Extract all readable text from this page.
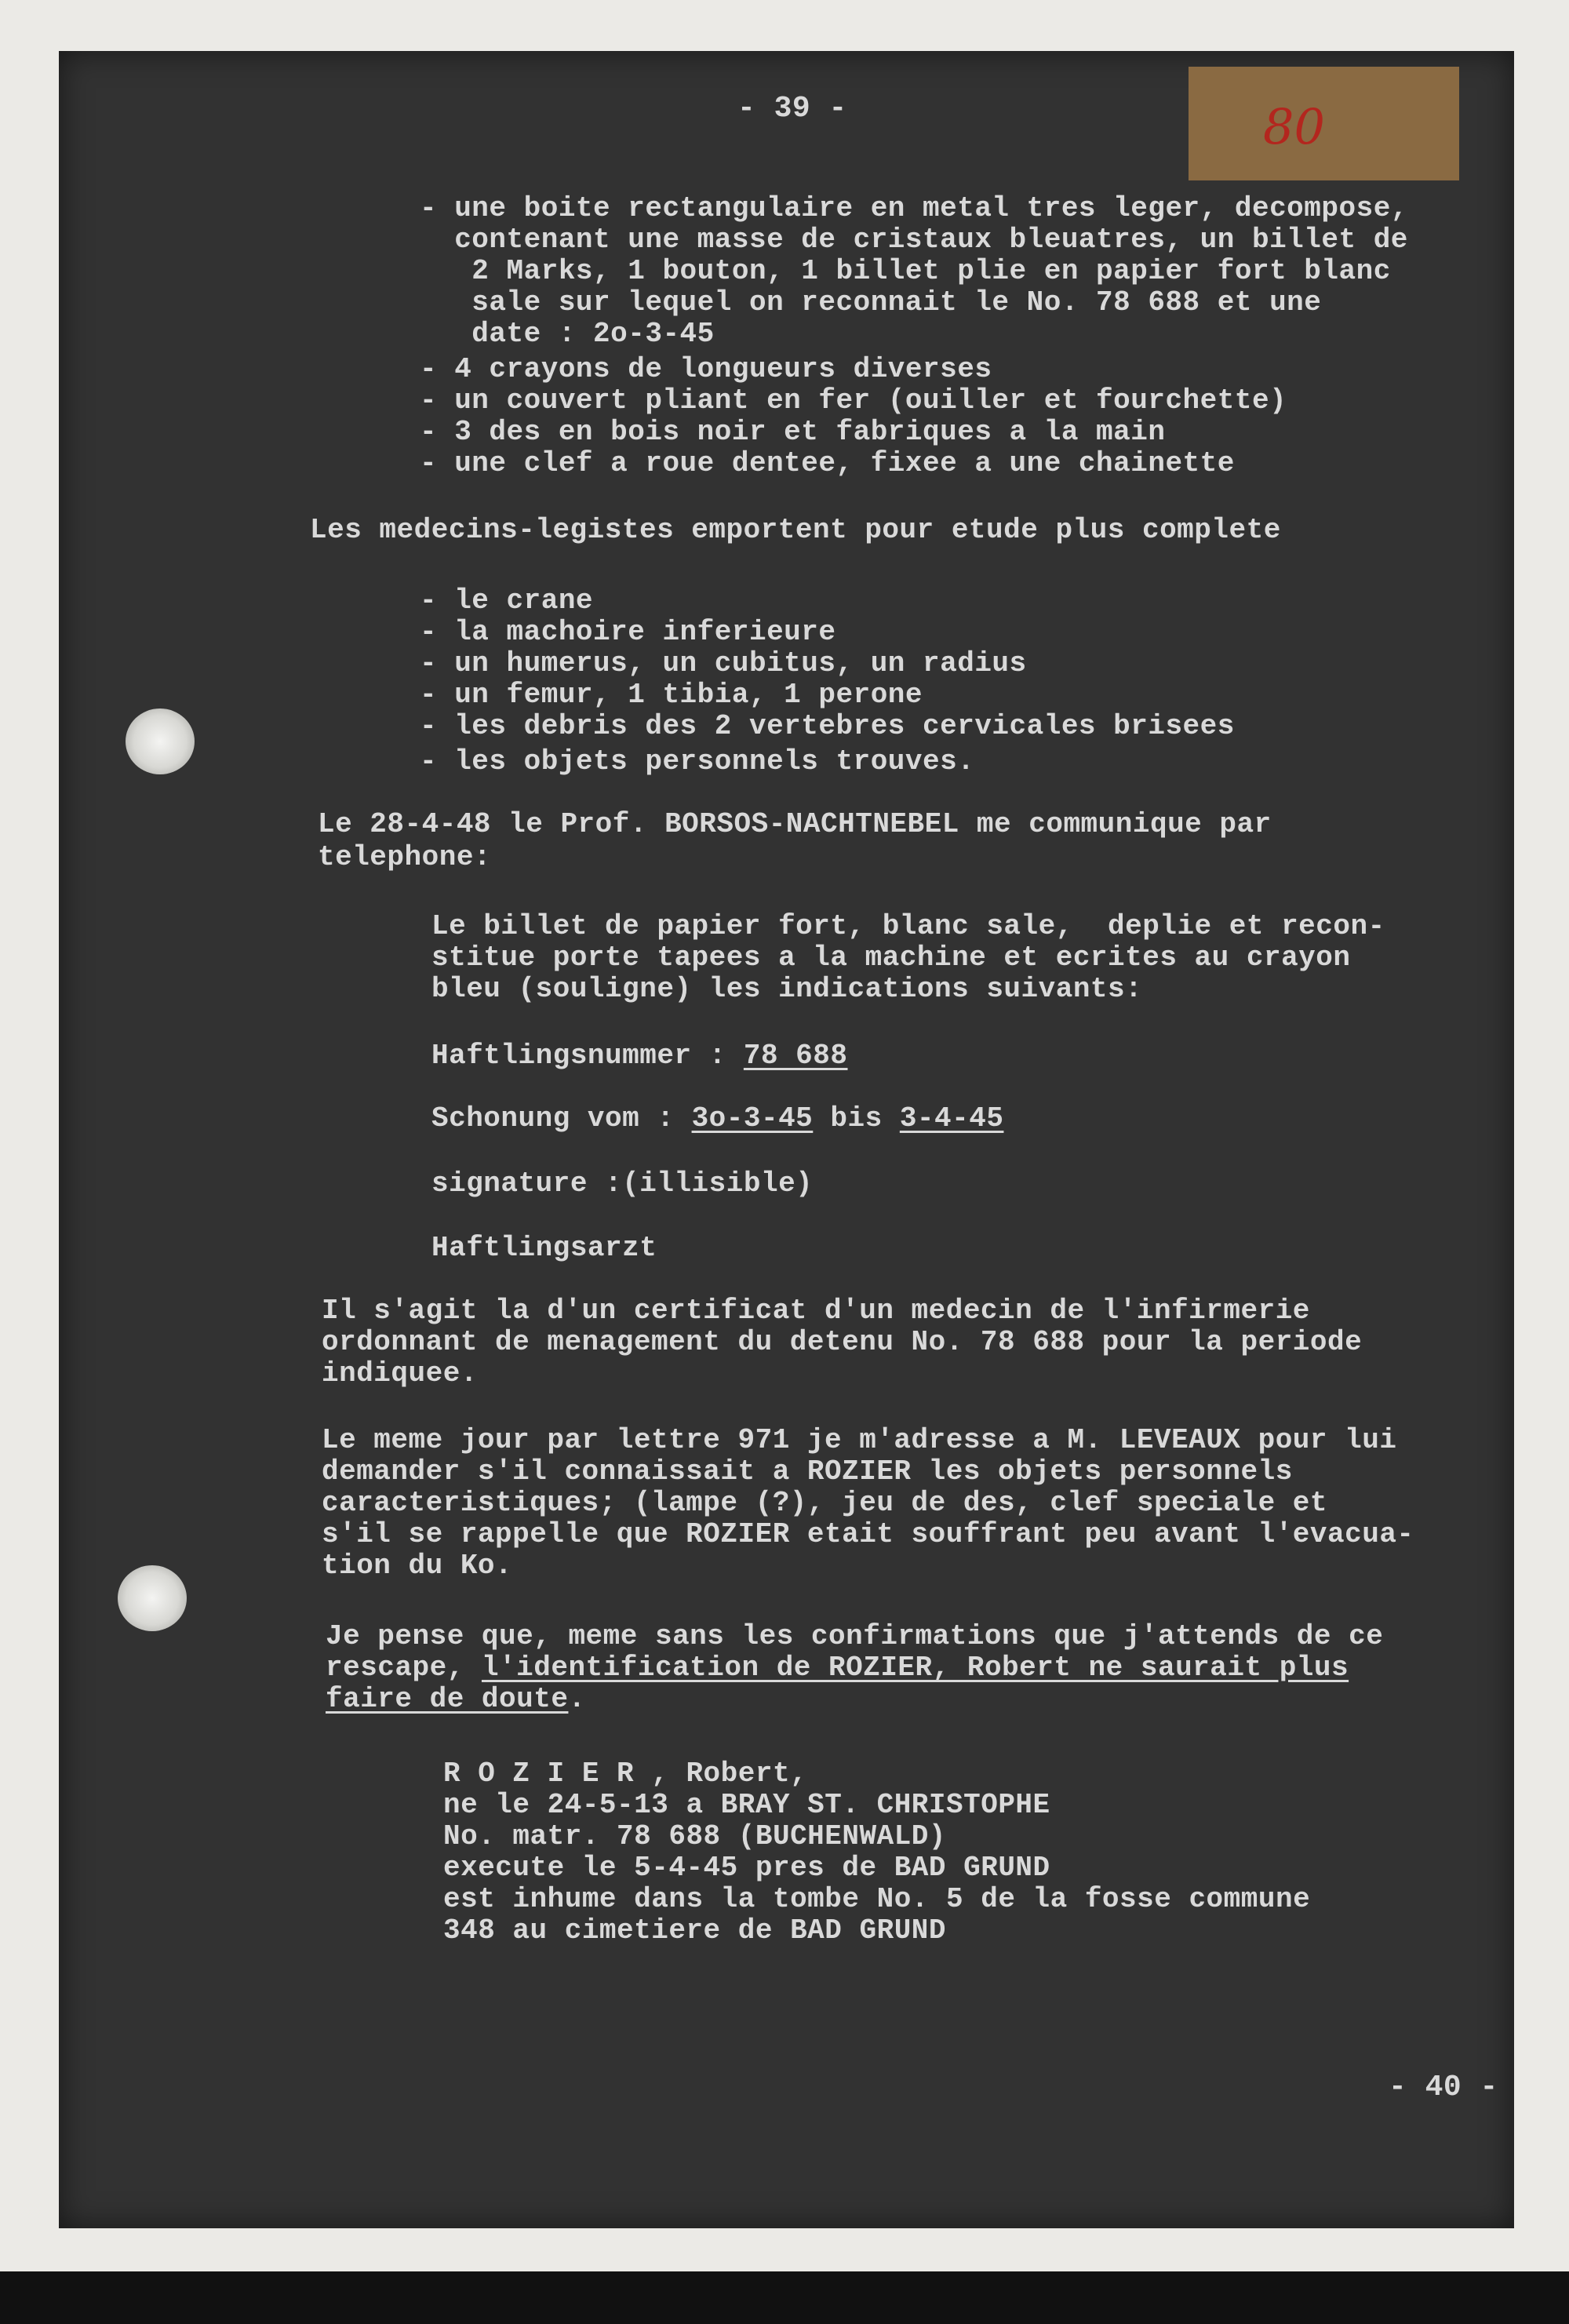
80
- 39 -
- une boite rectangulaire en metal tres leger, decompose,
contenant une masse de cristaux bleuatres, un billet de
2 Marks, 1 bouton, 1 billet plie en papier fort blanc
sale sur lequel on reconnait le No. 78 688 et une
date : 2o-3-45
- 4 crayons de longueurs diverses
- un couvert pliant en fer (ouiller et fourchette)
- 3 des en bois noir et fabriques a la main
- une clef a roue dentee, fixee a une chainette
Les medecins-legistes emportent pour etude plus complete
- le crane
- la machoire inferieure
- un humerus, un cubitus, un radius
- un femur, 1 tibia, 1 perone
- les debris des 2 vertebres cervicales brisees
- les objets personnels trouves.
Le 28-4-48 le Prof. BORSOS-NACHTNEBEL me communique par
telephone:
Le billet de papier fort, blanc sale,  deplie et recon-
stitue porte tapees a la machine et ecrites au crayon
bleu (souligne) les indications suivants:
Haftlingsnummer : 78 688
Schonung vom : 3o-3-45 bis 3-4-45
signature :(illisible)
Haftlingsarzt
Il s'agit la d'un certificat d'un medecin de l'infirmerie
ordonnant de menagement du detenu No. 78 688 pour la periode
indiquee.
Le meme jour par lettre 971 je m'adresse a M. LEVEAUX pour lui
demander s'il connaissait a ROZIER les objets personnels
caracteristiques; (lampe (?), jeu de des, clef speciale et
s'il se rappelle que ROZIER etait souffrant peu avant l'evacua-
tion du Ko.
Je pense que, meme sans les confirmations que j'attends de ce
rescape, l'identification de ROZIER, Robert ne saurait plus
faire de doute.
R O Z I E R , Robert,
ne le 24-5-13 a BRAY ST. CHRISTOPHE
No. matr. 78 688 (BUCHENWALD)
execute le 5-4-45 pres de BAD GRUND
est inhume dans la tombe No. 5 de la fosse commune
348 au cimetiere de BAD GRUND
- 40 -
